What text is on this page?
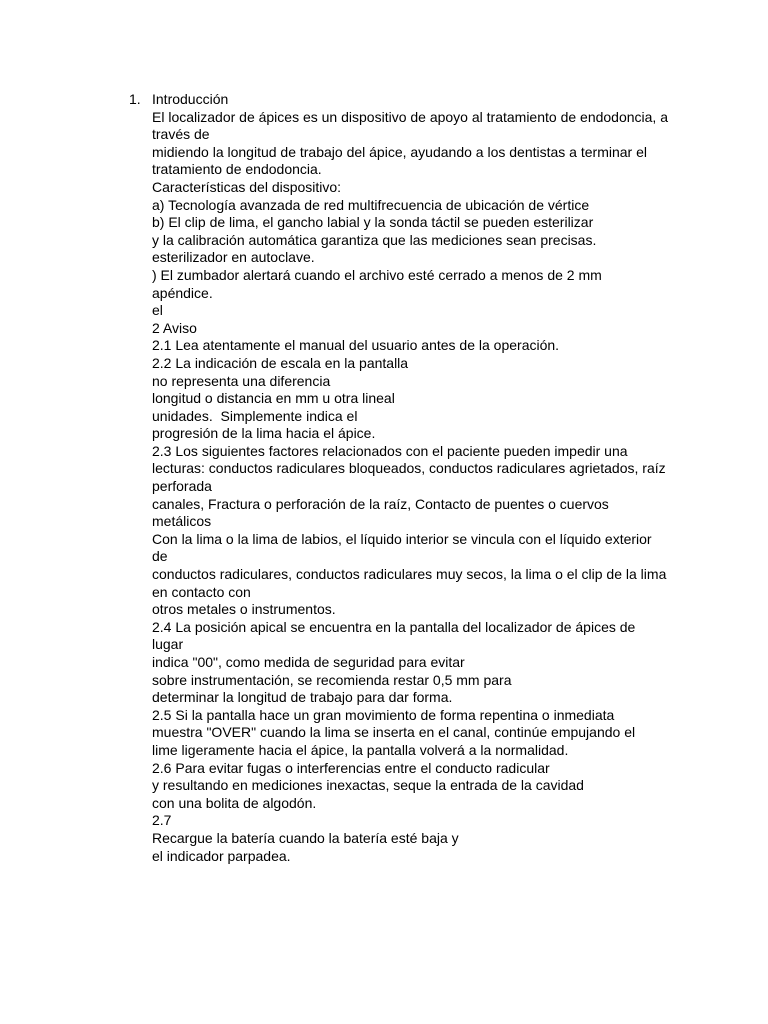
1. Introducción
El localizador de ápices es un dispositivo de apoyo al tratamiento de endodoncia, a
través de
midiendo la longitud de trabajo del ápice, ayudando a los dentistas a terminar el
tratamiento de endodoncia.
Características del dispositivo:
a) Tecnología avanzada de red multifrecuencia de ubicación de vértice
b) El clip de lima, el gancho labial y la sonda táctil se pueden esterilizar
y la calibración automática garantiza que las mediciones sean precisas.
esterilizador en autoclave.
) El zumbador alertará cuando el archivo esté cerrado a menos de 2 mm
apéndice.
el
2 Aviso
2.1 Lea atentamente el manual del usuario antes de la operación.
2.2 La indicación de escala en la pantalla
no representa una diferencia
longitud o distancia en mm u otra lineal
unidades.  Simplemente indica el
progresión de la lima hacia el ápice.
2.3 Los siguientes factores relacionados con el paciente pueden impedir una
lecturas: conductos radiculares bloqueados, conductos radiculares agrietados, raíz
perforada
canales, Fractura o perforación de la raíz, Contacto de puentes o cuervos
metálicos
Con la lima o la lima de labios, el líquido interior se vincula con el líquido exterior
de
conductos radiculares, conductos radiculares muy secos, la lima o el clip de la lima
en contacto con
otros metales o instrumentos.
2.4 La posición apical se encuentra en la pantalla del localizador de ápices de
lugar
indica "00", como medida de seguridad para evitar
sobre instrumentación, se recomienda restar 0,5 mm para
determinar la longitud de trabajo para dar forma.
2.5 Si la pantalla hace un gran movimiento de forma repentina o inmediata
muestra "OVER" cuando la lima se inserta en el canal, continúe empujando el
lime ligeramente hacia el ápice, la pantalla volverá a la normalidad.
2.6 Para evitar fugas o interferencias entre el conducto radicular
y resultando en mediciones inexactas, seque la entrada de la cavidad
con una bolita de algodón.
2.7
Recargue la batería cuando la batería esté baja y
el indicador parpadea.
